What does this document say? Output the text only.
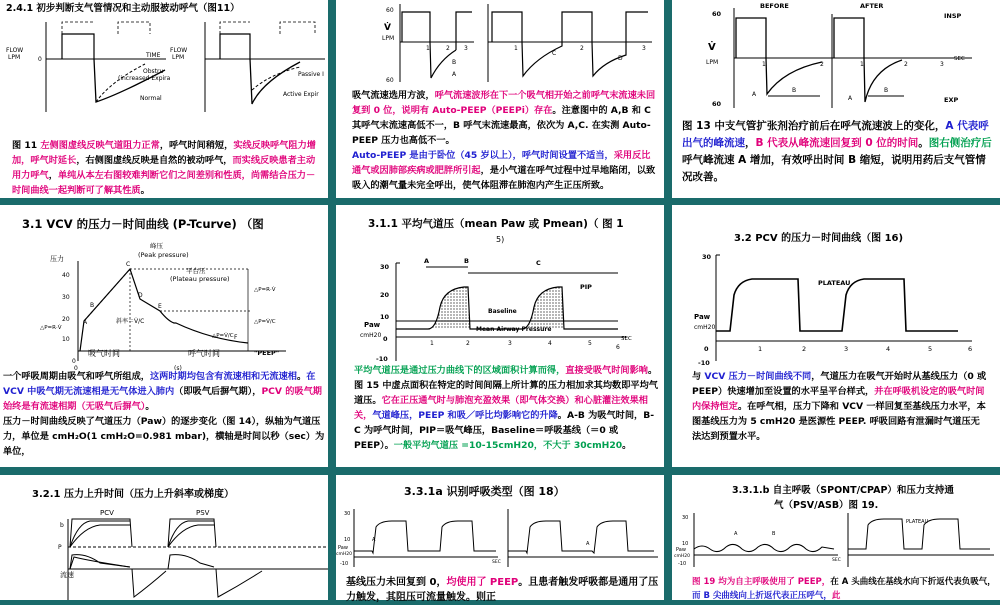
2.4.1 初步判断支气管情况和主动服被动呼气（图11）
FLOW
LPM	0
TIME
Obstru
(increased Expira
Normal
FLOW
LPM
Passive I
Active Expir
图 11 左侧图虚线反映气道阻力正常，呼气时间稍短，实线反映呼气阻力增加，呼气时延长，右侧图虚线反映是自然的被动呼气，而实线反映患者主动用力呼气，单纯从本左右图较难判断它们之间差别和性质，尚需结合压力－时间曲线一起判断可了解其性质。
V̇
LPM
60
60
1	2 3
B
A
1	2	3
C
D
吸气流速选用方波，呼气流速波形在下一个吸气相开始之前呼气末流速未回复到 0 位，说明有 Auto-PEEP（PEEPi）存在。注意图中的 A,B 和 C 其呼气末流速高低不一，B 呼气末流速最高，依次为 A,C. 在实测 Auto-PEEP 压力也高低不一。
Auto-PEEP 是由于卧位（45 岁以上），呼气时间设置不适当，采用反比通气或因肺部疾病或肥胖所引起，是小气道在呼气过程中过早地陷闭，以致吸入的潮气量未完全呼出，使气体阻滞在肺泡内产生正压所致。
BEFORE	AFTER
INSP
EXP
SEC
V̇
LPM
60
60
1	2
A
B
1	2	3
A
B
图 13 中支气管扩张剂治疗前后在呼气流速波上的变化，A 代表呼出气的峰流速，B 代表从峰流速回复到 0 位的时间。图右侧治疗后呼气峰流速 A 增加，有效呼出时间 B 缩短，说明用药后支气管情况改善。
3.1 VCV 的压力－时间曲线 (P-Tcurve) （图
峰压
(Peak pressure)
平台压
(Plateau pressure)
压力
40
30
20
10
0
A
B
C
D
E
F
斜率＝V̇/C
△P=R·V̇
△P=V̇/C
△P=R·V̇
△P=V̇/C
"PEEP"
0	(s)
吸气时间	呼气时间
一个呼吸周期由吸气和呼气所组成，这两时期均包含有流速相和无流速相。在 VCV 中吸气期无流速相是无气体进入肺内（即吸气后摒气期），PCV 的吸气期始终是有流速相期（无吸气后摒气）。
压力－时间曲线反映了气道压力（Paw）的逐步变化（图 14），纵轴为气道压力，单位是 cmH₂O(1 cmH₂O=0.981 mbar)，横轴是时间以秒（sec）为单位，
3.1.1 平均气道压（mean Paw 或 Pmean)（ 图 1
5)
30
20
10
0
-10
Paw
cmH20
A	B	C
PIP
Baseline
Mean Airway Pressure
SEC
1	2	3	4	5
6
平均气道压是通过压力曲线下的区域面积计算而得，直接受吸气时间影响。图 15 中虚点面积在特定的时间间隔上所计算的压力相加求其均数即平均气道压。它在正压通气时与肺泡充盈效果（即气体交换）和心脏灌注效果相关，气道峰压，PEEP 和吸／呼比均影响它的升降。A-B 为吸气时间，B-C 为呼气时间，PIP＝吸气峰压，Baseline＝呼吸基线（＝0 或 PEEP）。一般平均气道压 =10-15cmH20，不大于 30cmH20。
3.2 PCV 的压力－时间曲线（图 16)
30
0
-10
Paw
cmH20
PLATEAU
1	2	3	4	5	6
与 VCV 压力－时间曲线不同，气道压力在吸气开始时从基线压力（0 或 PEEP）快速增加至设置的水平呈平台样式，并在呼吸机设定的吸气时间内保持恒定。在呼气相，压力下降和 VCV 一样回复至基线压力水平，本图基线压力为 5 cmH20 是医源性 PEEP. 呼吸回路有泄漏时气道压无法达到预置水平。
3.2.1 压力上升时间（压力上升斜率或梯度）
PCV	PSV
P
b
流速
3.3.1a 识别呼吸类型（图 18）
30
10
-10
Paw
cmH20
A
SEC
A
基线压力未回复到 0，均使用了 PEEP。且患者触发呼吸都是通用了压力触发，其阻压可流量触发。则正
3.3.1.b 自主呼吸（SPONT/CPAP）和压力支持通
气（PSV/ASB）图 19.
30
10
-10
Paw
cmH20
A	B
SEC
PLATEAU
图 19 均为自主呼吸使用了 PEEP，在 A 头曲线在基线水向下折返代表负吸气，而 B 尖曲线向上折返代表正压呼气，此
